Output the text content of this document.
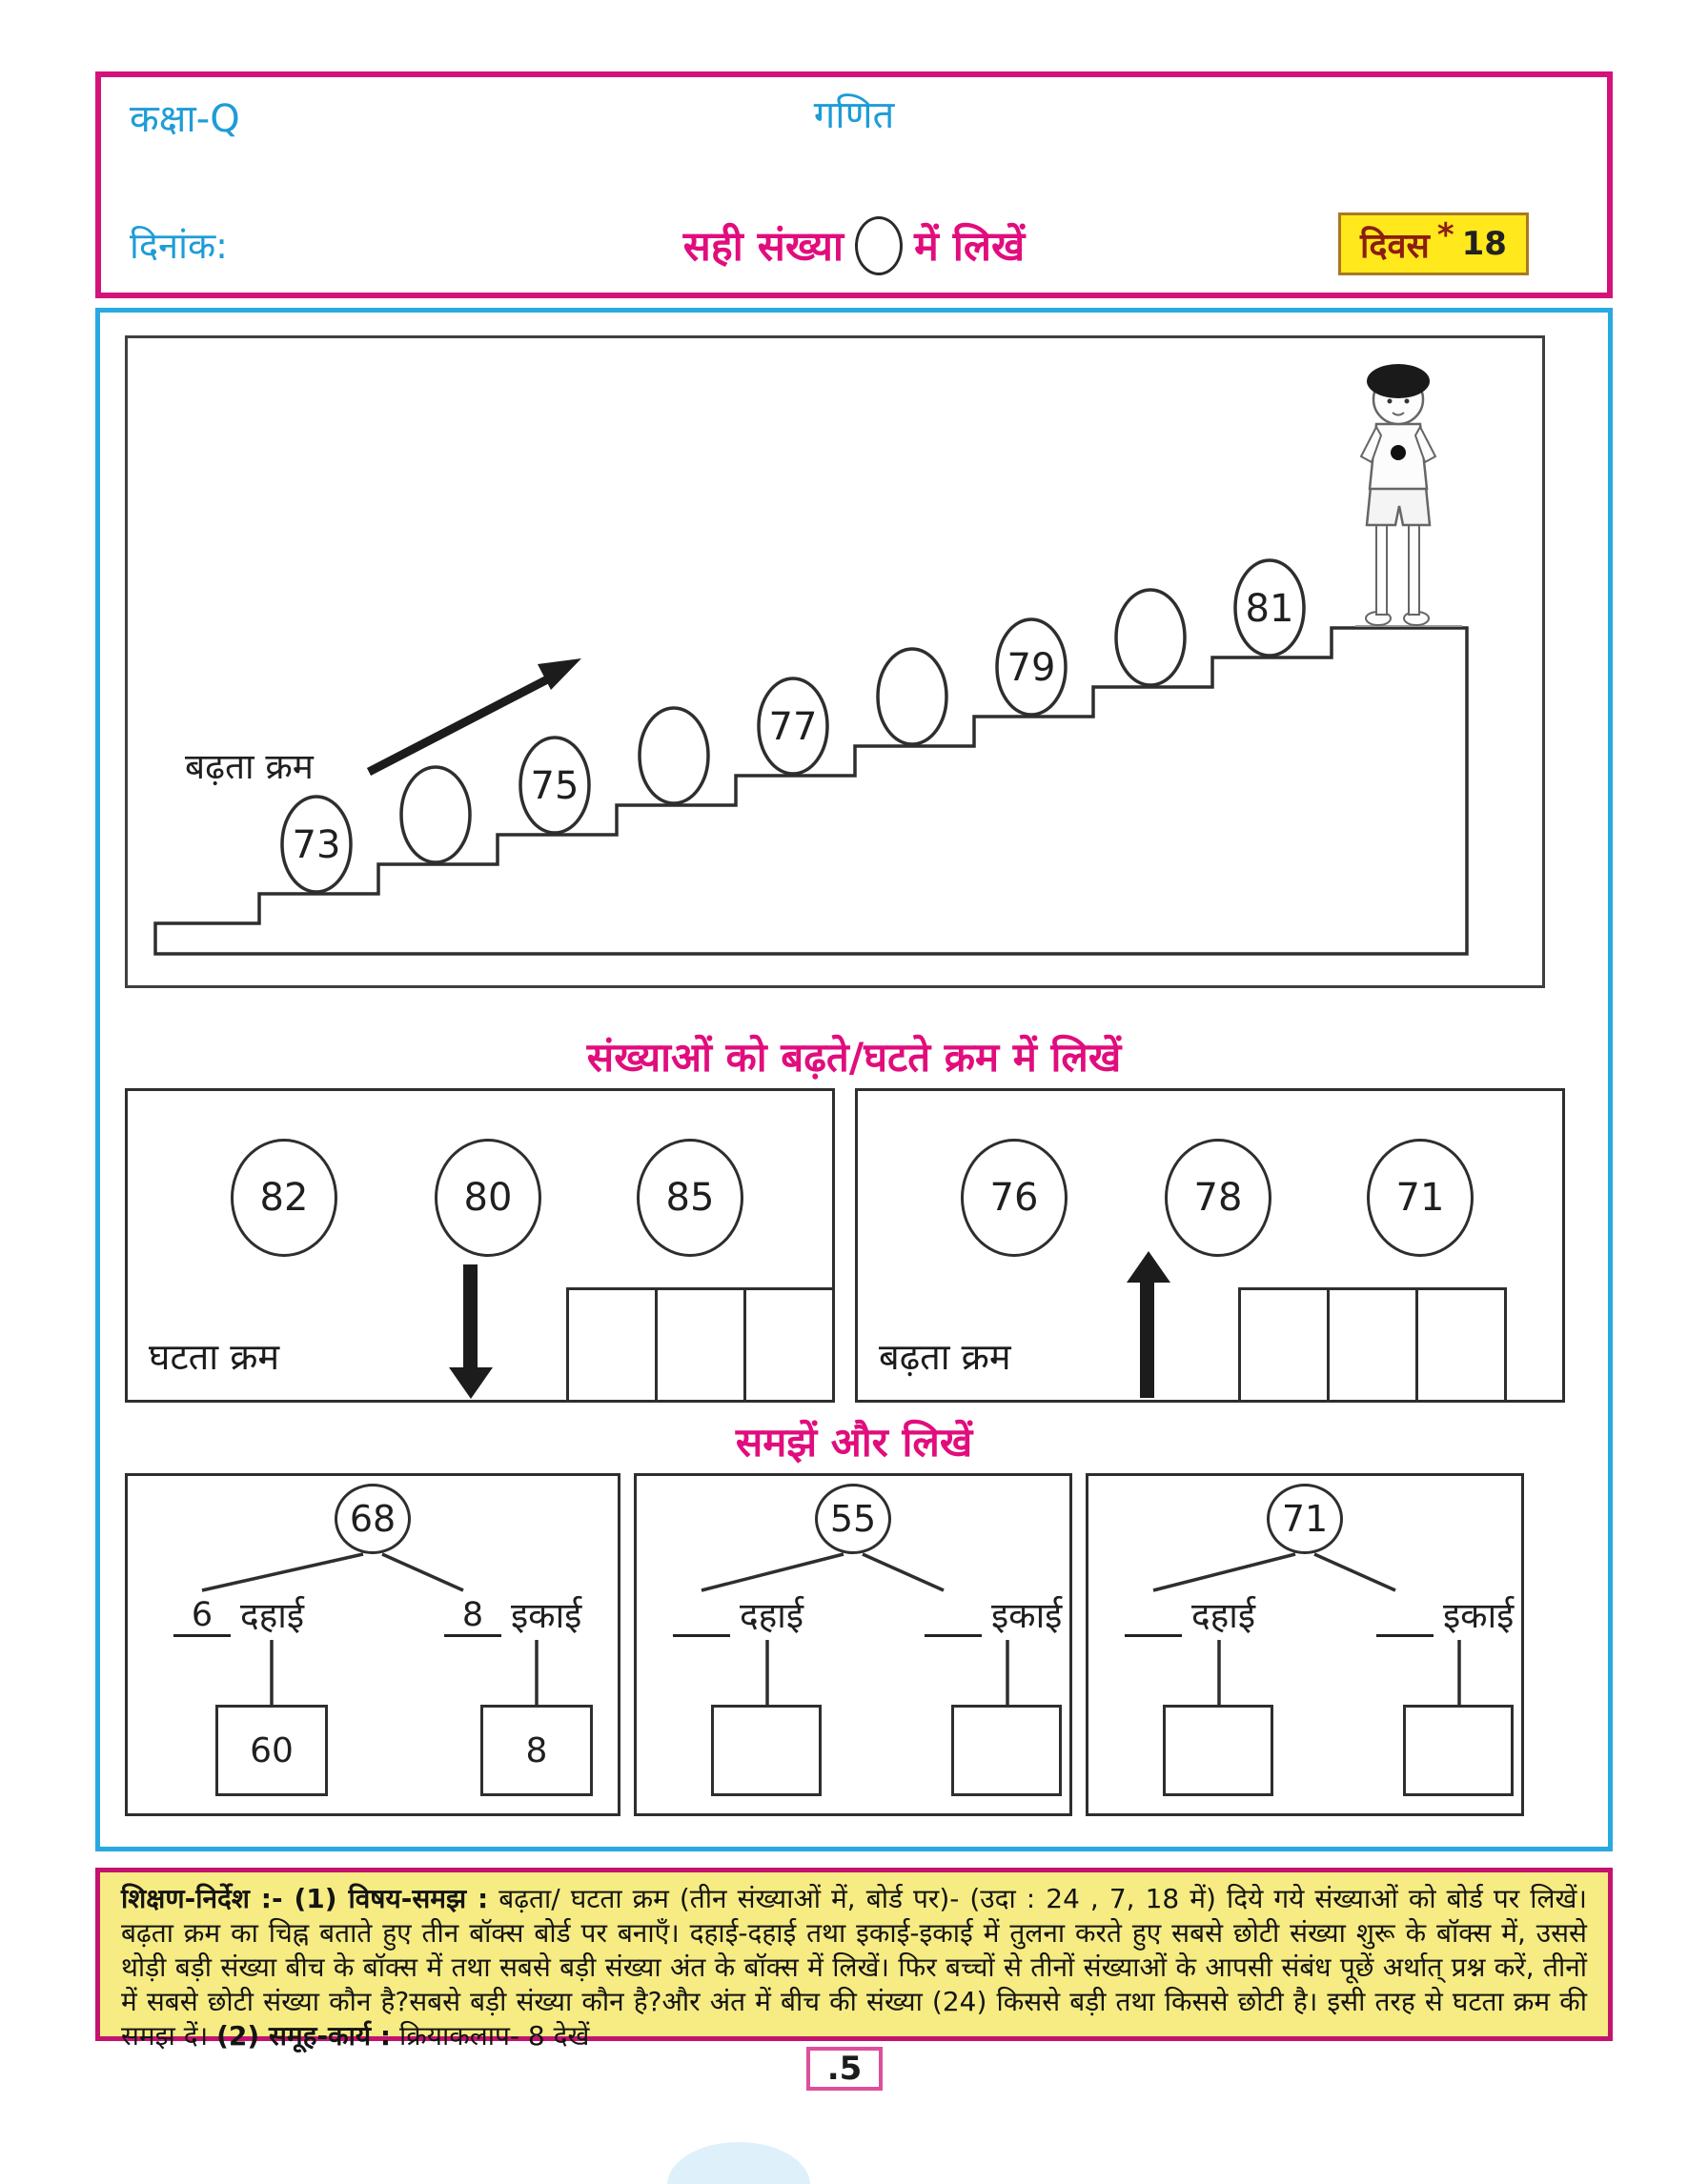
कक्षा-Q	गणित
दिनांक:	सही संख्या में लिखें	दिवस * 18
बढ़ता क्रम
73
75
77
79
81
संख्याओं को बढ़ते/घटते क्रम में लिखें
82	80	85
घटता क्रम
76	78	71
बढ़ता क्रम
समझें और लिखें
68
6 दहाई	8 इकाई
60	8
55
दहाई	इकाई
71
दहाई	इकाई
शिक्षण-निर्देश :- (1) विषय-समझ : बढ़ता/ घटता क्रम (तीन संख्याओं में, बोर्ड पर)- (उदा : 24 , 7, 18 में) दिये गये संख्याओं को बोर्ड पर लिखें। बढ़ता क्रम का चिह्न बताते हुए तीन बॉक्स बोर्ड पर बनाएँ। दहाई-दहाई तथा इकाई-इकाई में तुलना करते हुए सबसे छोटी संख्या शुरू के बॉक्स में, उससे थोड़ी बड़ी संख्या बीच के बॉक्स में तथा सबसे बड़ी संख्या अंत के बॉक्स में लिखें। फिर बच्चों से तीनों संख्याओं के आपसी संबंध पूछें अर्थात् प्रश्न करें, तीनों में सबसे छोटी संख्या कौन है?सबसे बड़ी संख्या कौन है?और अंत में बीच की संख्या (24) किससे बड़ी तथा किससे छोटी है। इसी तरह से घटता क्रम की समझ दें। (2) समूह-कार्य : क्रियाकलाप- 8 देखें
.5
